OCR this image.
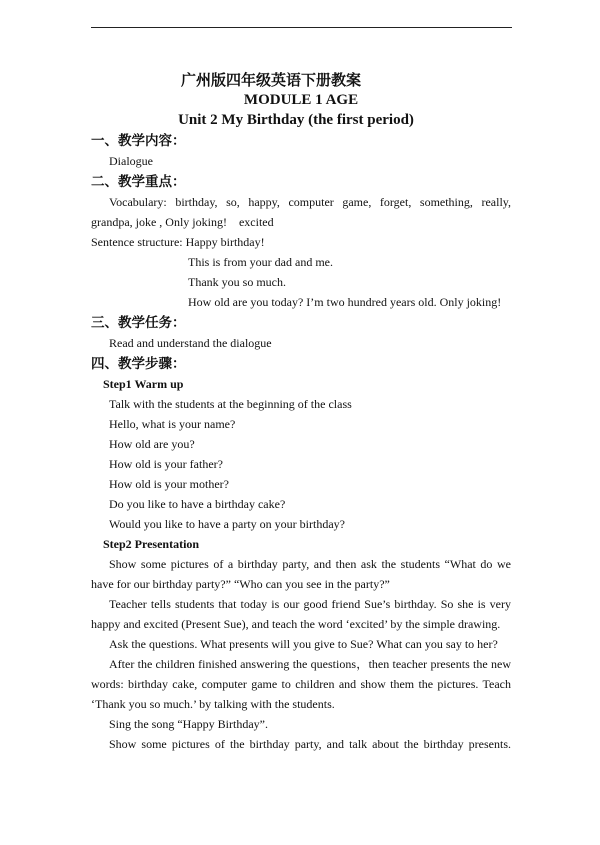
广州版四年级英语下册教案
MODULE 1 AGE
Unit 2 My Birthday (the first period)
一、教学内容：
Dialogue
二、教学重点：
Vocabulary: birthday, so, happy, computer game, forget, something, really,
grandpa, joke , Only joking!    excited
Sentence structure: Happy birthday!
This is from your dad and me.
Thank you so much.
How old are you today? I’m two hundred years old. Only joking!
三、教学任务：
Read and understand the dialogue
四、教学步骤：
Step1 Warm up
Talk with the students at the beginning of the class
Hello, what is your name?
How old are you?
How old is your father?
How old is your mother?
Do you like to have a birthday cake?
Would you like to have a party on your birthday?
Step2 Presentation
Show some pictures of a birthday party, and then ask the students “What do we
have for our birthday party?” “Who can you see in the party?”
Teacher tells students that today is our good friend Sue’s birthday. So she is very
happy and excited (Present Sue), and teach the word ‘excited’ by the simple drawing.
Ask the questions. What presents will you give to Sue? What can you say to her?
After the children finished answering the questions，then teacher presents the new
words: birthday cake, computer game to children and show them the pictures. Teach
‘Thank you so much.’ by talking with the students.
Sing the song “Happy Birthday”.
Show some pictures of the birthday party, and talk about the birthday presents.
